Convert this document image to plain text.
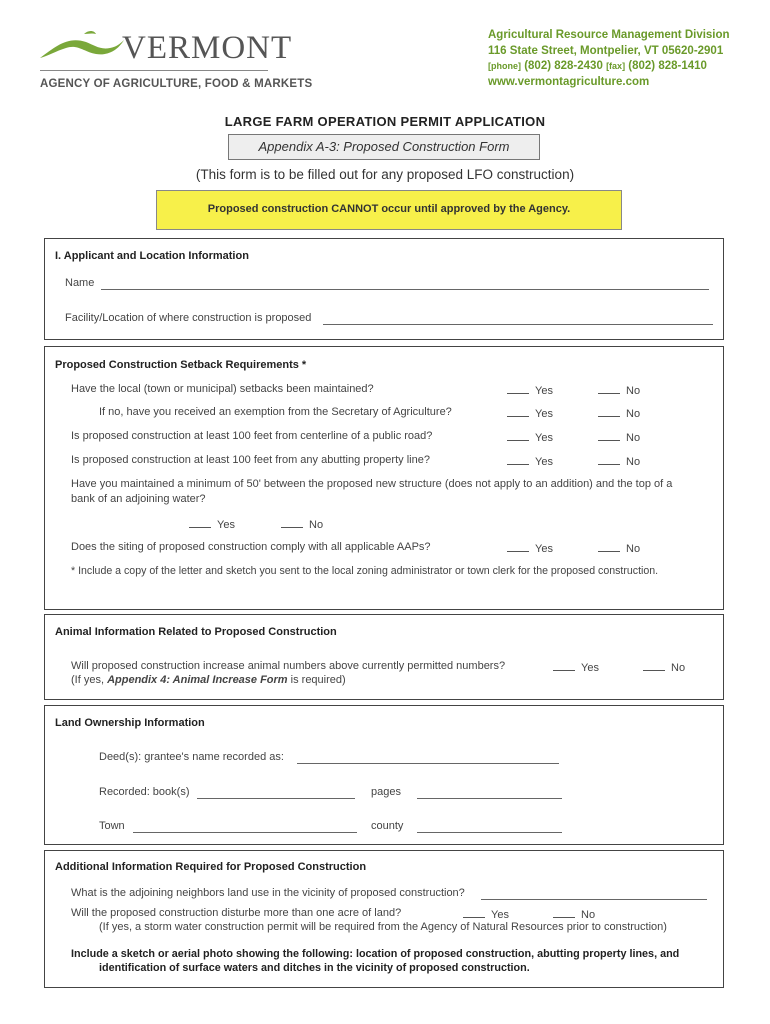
VERMONT
AGENCY OF AGRICULTURE, FOOD & MARKETS
Agricultural Resource Management Division
116 State Street, Montpelier, VT 05620-2901
[phone] (802) 828-2430 [fax] (802) 828-1410
www.vermontagriculture.com
LARGE FARM OPERATION PERMIT APPLICATION
Appendix A-3: Proposed Construction Form
(This form is to be filled out for any proposed LFO construction)
Proposed construction CANNOT occur until approved by the Agency.
I. Applicant and Location Information
Name
Facility/Location of where construction is proposed
Proposed Construction Setback Requirements *
Have the local (town or municipal) setbacks been maintained?	Yes	No
If no, have you received an exemption from the Secretary of Agriculture?	Yes	No
Is proposed construction at least 100 feet from centerline of a public road?	Yes	No
Is proposed construction at least 100 feet from any abutting property line?	Yes	No
Have you maintained a minimum of 50' between the proposed new structure (does not apply to an addition) and the top of a
bank of an adjoining water?
Yes	No
Does the siting of proposed construction comply with all applicable AAPs?	Yes	No
* Include a copy of the letter and sketch you sent to the local zoning administrator or town clerk for the proposed construction.
Animal Information Related to Proposed Construction
Will proposed construction increase animal numbers above currently permitted numbers?	Yes	No
(If yes, Appendix 4: Animal Increase Form is required)
Land Ownership Information
Deed(s): grantee's name recorded as:
Recorded: book(s)	pages
Town	county
Additional Information Required for Proposed Construction
What is the adjoining neighbors land use in the vicinity of proposed construction?
Will the proposed construction disturbe more than one acre of land?	Yes	No
(If yes, a storm water construction permit will be required from the Agency of Natural Resources prior to construction)
Include a sketch or aerial photo showing the following: location of proposed construction, abutting property lines, and
identification of surface waters and ditches in the vicinity of proposed construction.
